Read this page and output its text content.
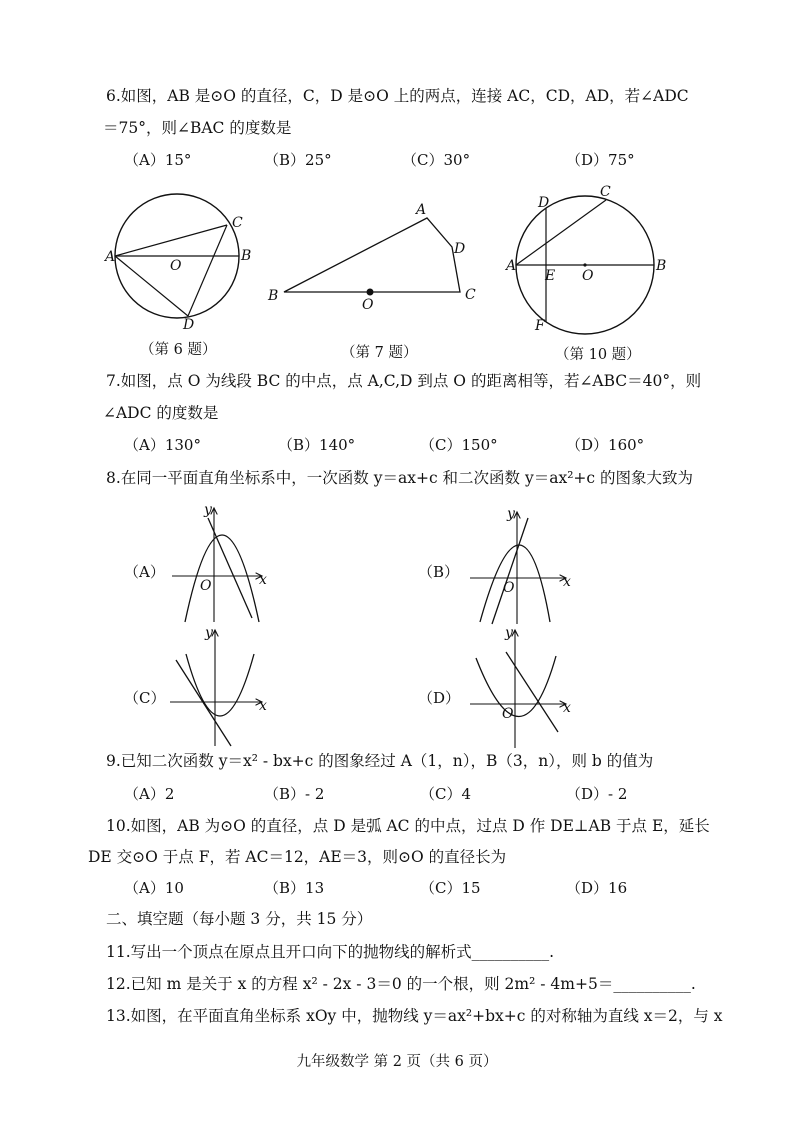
6.如图，AB 是⊙O 的直径，C，D 是⊙O 上的两点，连接 AC，CD，AD，若∠ADC
＝75°，则∠BAC 的度数是
（A）15°	（B）25°	（C）30°	（D）75°
A	B
C
D
O
A
B	C
D
O
A	B
C
D
E
F
O
（第 6 题）	（第 7 题）	（第 10 题）
7.如图，点 O 为线段 BC 的中点，点 A,C,D 到点 O 的距离相等，若∠ABC＝40°，则
∠ADC 的度数是
（A）130°	（B）140°	（C）150°	（D）160°
8.在同一平面直角坐标系中，一次函数 y＝ax+c 和二次函数 y＝ax²+c 的图象大致为
（A）	（B）
（C）	（D）
y
x
O
y
x
O
y
x
y
x
O
9.已知二次函数 y＝x² - bx+c 的图象经过 A（1，n），B（3，n），则 b 的值为
（A）2	（B）- 2	（C）4	（D）- 2
10.如图，AB 为⊙O 的直径，点 D 是弧 AC 的中点，过点 D 作 DE⊥AB 于点 E，延长
DE 交⊙O 于点 F，若 AC＝12，AE＝3，则⊙O 的直径长为
（A）10	（B）13	（C）15	（D）16
二、填空题（每小题 3 分，共 15 分）
11.写出一个顶点在原点且开口向下的抛物线的解析式__________.
12.已知 m 是关于 x 的方程 x² - 2x - 3＝0 的一个根，则 2m² - 4m+5＝__________.
13.如图，在平面直角坐标系 xOy 中，抛物线 y＝ax²+bx+c 的对称轴为直线 x＝2，与 x
九年级数学 第 2 页（共 6 页）
